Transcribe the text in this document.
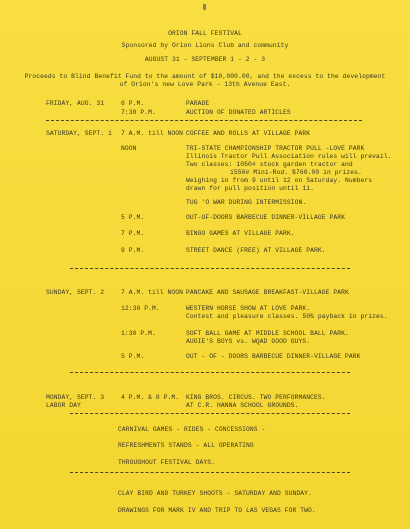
ORION FALL FESTIVAL
Sponsored by Orion Lions Club and community
AUGUST 31 - SEPTEMBER 1 - 2 - 3
Proceeds to Blind Benefit Fund to the amount of $10,000.00, and the excess to the development
of Orion's new Love Park - 13th Avenue East.
FRIDAY, AUG. 31	6 P.M.	PARADE
7:30 P.M.	AUCTION OF DONATED ARTICLES
SATURDAY, SEPT. 1 7 A.M. till NOON COFFEE AND ROLLS AT VILLAGE PARK
NOON	TRI-STATE CHAMPIONSHIP TRACTOR PULL -LOVE PARK
Illinois Tractor Pull Association rules will prevail.
Two classes: 1050# stock garden tractor and
1550# Mini-Rod. $760.00 in prizes.
Weighing in from 9 until 12 on Saturday. Numbers
drawn for pull position until 11.
TUG 'O WAR DURING INTERMISSION.
5 P.M.	OUT-OF-DOORS BARBECUE DINNER-VILLAGE PARK
7 P.M.	BINGO GAMES AT VILLAGE PARK.
9 P.M.	STREET DANCE (FREE) AT VILLAGE PARK.
SUNDAY, SEPT. 2	7 A.M. till NOON PANCAKE AND SAUSAGE BREAKFAST-VILLAGE PARK
12:30 P.M.	WESTERN HORSE SHOW AT LOVE PARK.
Contest and pleasure classes. 50% payback in prizes.
1:30 P.M.	SOFT BALL GAME AT MIDDLE SCHOOL BALL PARK.
AUGIE'S BOYS vs. WQAD GOOD GUYS.
5 P.M.	OUT - OF - DOORS BARBECUE DINNER-VILLAGE PARK
MONDAY, SEPT. 3
LABOR DAY
4 P.M. & 8 P.M. KING BROS. CIRCUS. TWO PERFORMANCES.
AT C.R. HANNA SCHOOL GROUNDS.
CARNIVAL GAMES - RIDES - CONCESSIONS -
REFRESHMENTS STANDS - ALL OPERATING
THROUGHOUT FESTIVAL DAYS.
CLAY BIRD AND TURKEY SHOOTS - SATURDAY AND SUNDAY.
DRAWINGS FOR MARK IV AND TRIP TO LAS VEGAS FOR TWO.
